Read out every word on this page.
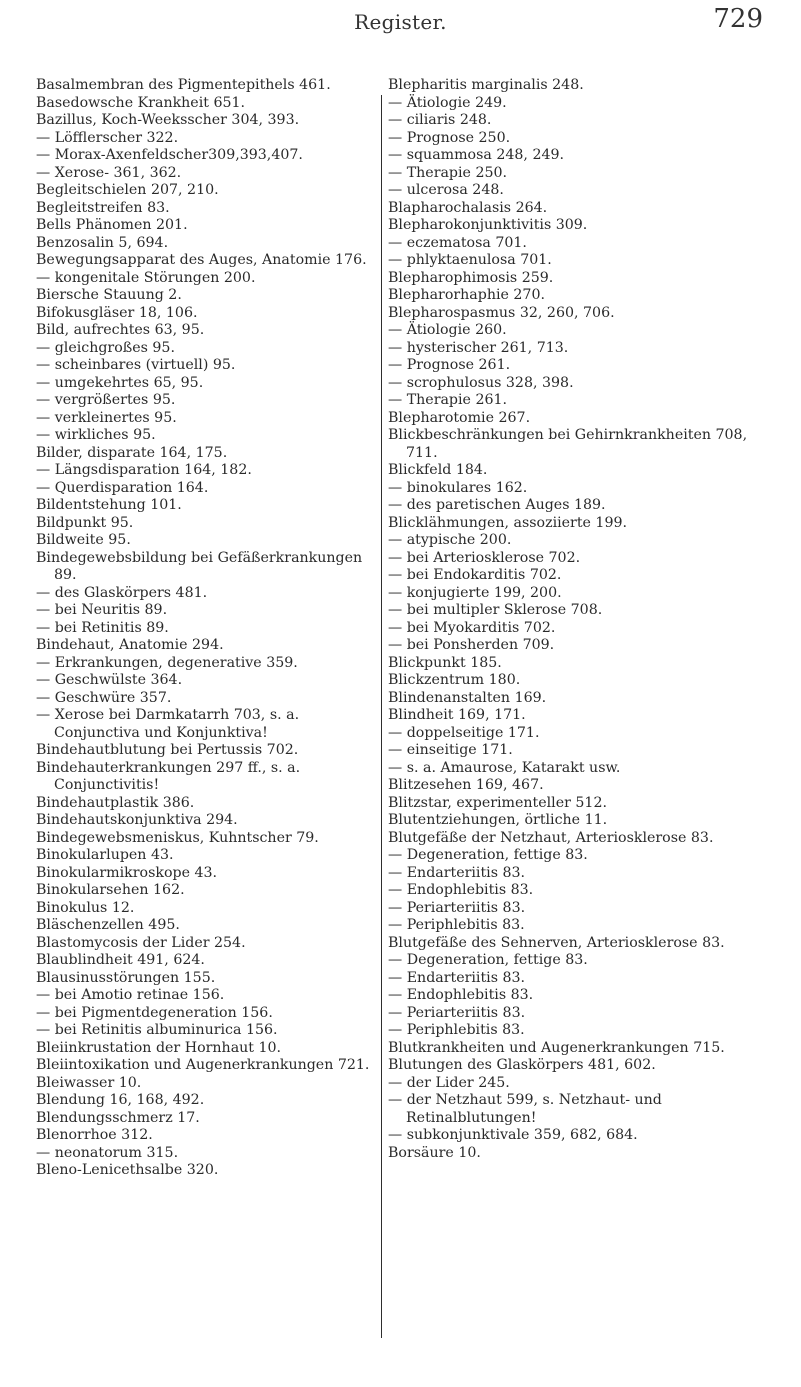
Register.	729

Basalmembran des Pigmentepithels 461.

Basedowsche Krankheit 651.

Bazillus, Koch-Weeksscher 304, 393.

— Löfflerscher 322.

— Morax-Axenfeldscher309,393,407.

— Xerose- 361, 362.

Begleitschielen 207, 210.

Begleitstreifen 83.

Bells Phänomen 201.

Benzosalin 5, 694.

Bewegungsapparat des Auges, Anatomie 176.

— kongenitale Störungen 200.

Biersche Stauung 2.

Bifokusgläser 18, 106.

Bild, aufrechtes 63, 95.

— gleichgroßes 95.

— scheinbares (virtuell) 95.

— umgekehrtes 65, 95.

— vergrößertes 95.

— verkleinertes 95.

— wirkliches 95.

Bilder, disparate 164, 175.

— Längsdisparation 164, 182.

— Querdisparation 164.

Bildentstehung 101.

Bildpunkt 95.

Bildweite 95.

Bindegewebsbildung bei Gefäßerkrankungen 89.

— des Glaskörpers 481.

— bei Neuritis 89.

— bei Retinitis 89.

Bindehaut, Anatomie 294.

— Erkrankungen, degenerative 359.

— Geschwülste 364.

— Geschwüre 357.

— Xerose bei Darmkatarrh 703, s. a. Conjunctiva und Konjunktiva!

Bindehautblutung bei Pertussis 702.

Bindehauterkrankungen 297 ff., s. a. Conjunctivitis!

Bindehautplastik 386.

Bindehautskonjunktiva 294.

Bindegewebsmeniskus, Kuhntscher 79.

Binokularlupen 43.

Binokularmikroskope 43.

Binokularsehen 162.

Binokulus 12.

Bläschenzellen 495.

Blastomycosis der Lider 254.

Blaublindheit 491, 624.

Blausinusstörungen 155.

— bei Amotio retinae 156.

— bei Pigmentdegeneration 156.

— bei Retinitis albuminurica 156.

Bleiinkrustation der Hornhaut 10.

Bleiintoxikation und Augenerkrankungen 721.

Bleiwasser 10.

Blendung 16, 168, 492.

Blendungsschmerz 17.

Blenorrhoe 312.

— neonatorum 315.

Bleno-Lenicethsalbe 320.

Blepharitis marginalis 248.

— Ätiologie 249.

— ciliaris 248.

— Prognose 250.

— squammosa 248, 249.

— Therapie 250.

— ulcerosa 248.

Blapharochalasis 264.

Blepharokonjunktivitis 309.

— eczematosa 701.

— phlyktaenulosa 701.

Blepharophimosis 259.

Blepharorhaphie 270.

Blepharospasmus 32, 260, 706.

— Ätiologie 260.

— hysterischer 261, 713.

— Prognose 261.

— scrophulosus 328, 398.

— Therapie 261.

Blepharotomie 267.

Blickbeschränkungen bei Gehirnkrankheiten 708, 711.

Blickfeld 184.

— binokulares 162.

— des paretischen Auges 189.

Blicklähmungen, assoziierte 199.

— atypische 200.

— bei Arteriosklerose 702.

— bei Endokarditis 702.

— konjugierte 199, 200.

— bei multipler Sklerose 708.

— bei Myokarditis 702.

— bei Ponsherden 709.

Blickpunkt 185.

Blickzentrum 180.

Blindenanstalten 169.

Blindheit 169, 171.

— doppelseitige 171.

— einseitige 171.

— s. a. Amaurose, Katarakt usw.

Blitzesehen 169, 467.

Blitzstar, experimenteller 512.

Blutentziehungen, örtliche 11.

Blutgefäße der Netzhaut, Arteriosklerose 83.

— Degeneration, fettige 83.

— Endarteriitis 83.

— Endophlebitis 83.

— Periarteriitis 83.

— Periphlebitis 83.

Blutgefäße des Sehnerven, Arteriosklerose 83.

— Degeneration, fettige 83.

— Endarteriitis 83.

— Endophlebitis 83.

— Periarteriitis 83.

— Periphlebitis 83.

Blutkrankheiten und Augenerkrankungen 715.

Blutungen des Glaskörpers 481, 602.

— der Lider 245.

— der Netzhaut 599, s. Netzhaut- und Retinalblutungen!

— subkonjunktivale 359, 682, 684.

Borsäure 10.
